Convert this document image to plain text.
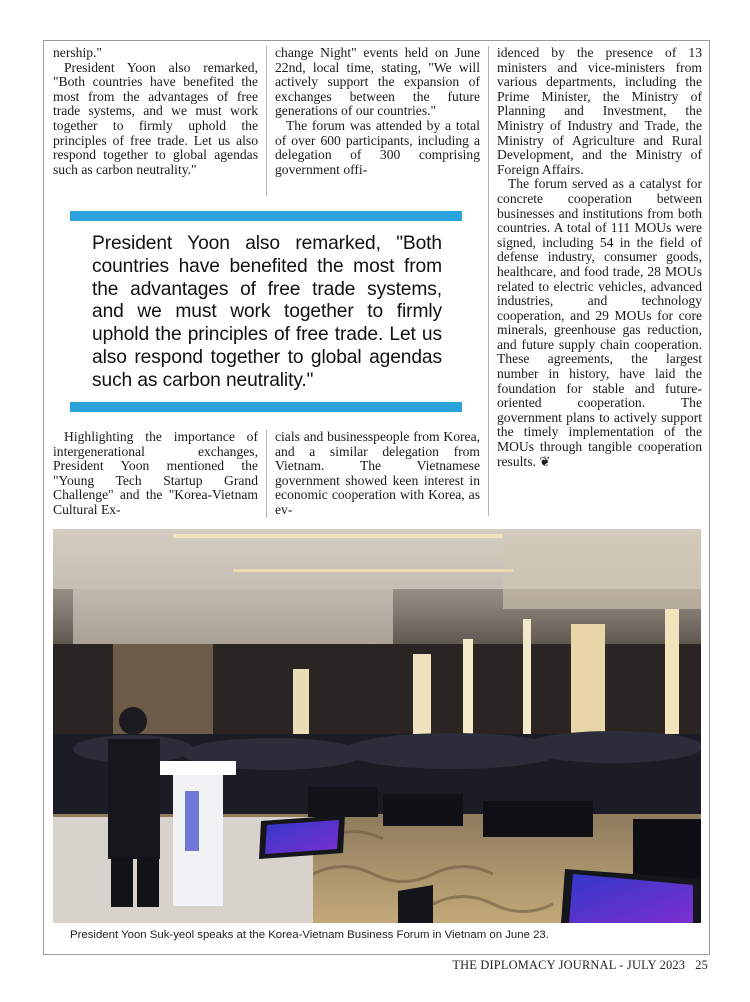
nership."

President Yoon also remarked, "Both countries have benefited the most from the advantages of free trade systems, and we must work together to firmly uphold the principles of free trade. Let us also respond together to global agendas such as carbon neutrality."

change Night" events held on June 22nd, local time, stating, "We will actively support the expansion of exchanges between the future generations of our countries."

The forum was attended by a total of over 600 participants, including a delegation of 300 comprising government offi-

idenced by the presence of 13 ministers and vice-ministers from various departments, including the Prime Minister, the Ministry of Planning and Investment, the Ministry of Industry and Trade, the Ministry of Agriculture and Rural Development, and the Ministry of Foreign Affairs.

The forum served as a catalyst for concrete cooperation between businesses and institutions from both countries. A total of 111 MOUs were signed, including 54 in the field of defense industry, consumer goods, healthcare, and food trade, 28 MOUs related to electric vehicles, advanced industries, and technology cooperation, and 29 MOUs for core minerals, greenhouse gas reduction, and future supply chain cooperation. These agreements, the largest number in history, have laid the foundation for stable and future-oriented cooperation. The government plans to actively support the timely implementation of the MOUs through tangible cooperation results. ❦

President Yoon also remarked, "Both countries have benefited the most from the advantages of free trade systems, and we must work together to firmly uphold the principles of free trade. Let us also respond together to global agendas such as carbon neutrality."

Highlighting the importance of intergenerational exchanges, President Yoon mentioned the "Young Tech Startup Grand Challenge" and the "Korea-Vietnam Cultural Ex-

cials and businesspeople from Korea, and a similar delegation from Vietnam. The Vietnamese government showed keen interest in economic cooperation with Korea, as ev-

President Yoon Suk-yeol speaks at the Korea-Vietnam Business Forum in Vietnam on June 23.
THE DIPLOMACY JOURNAL - JULY 2023 25
